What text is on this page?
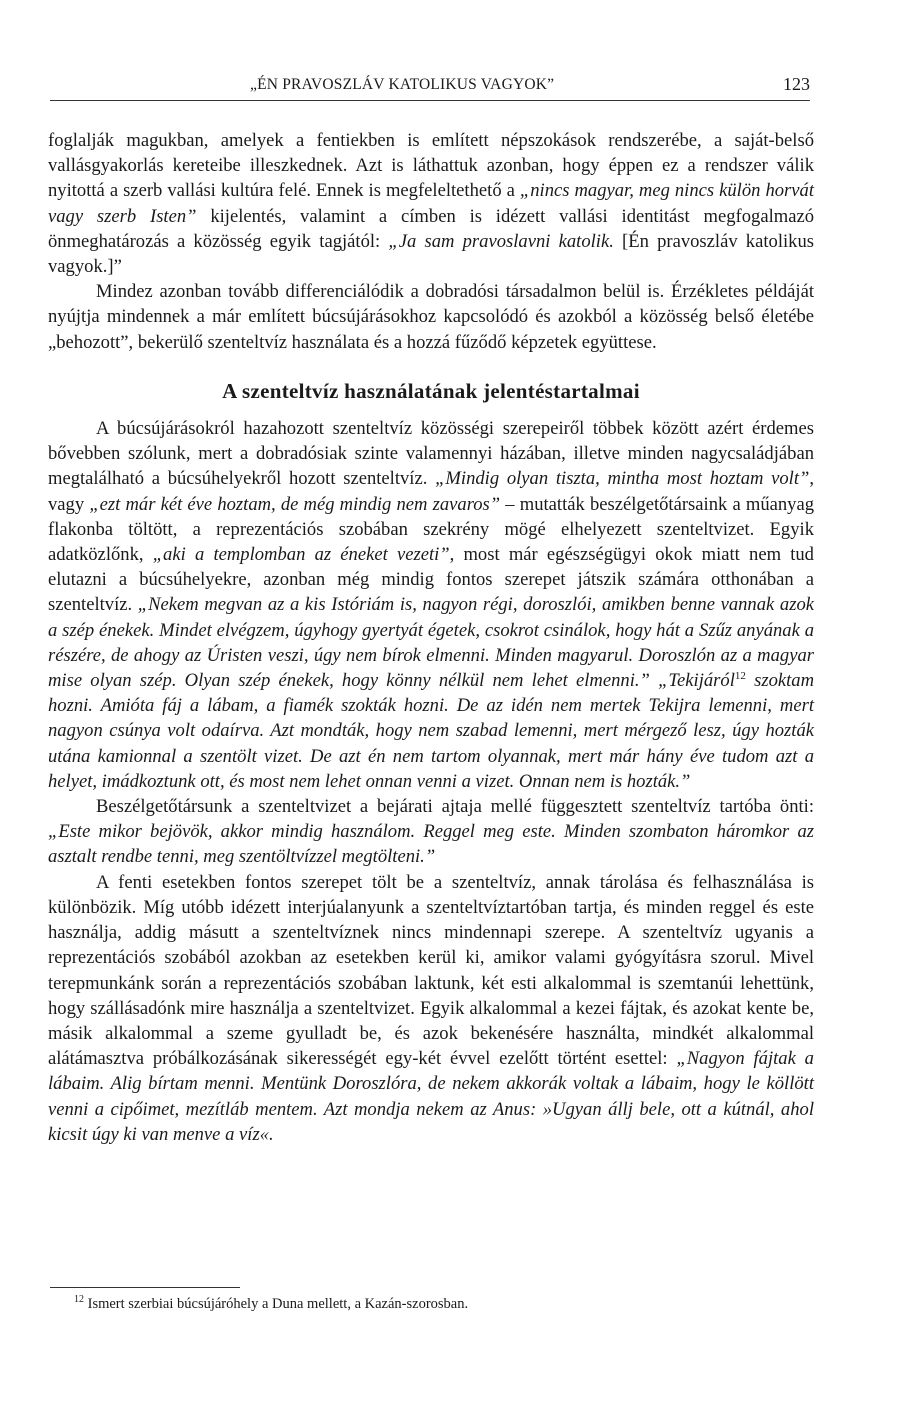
„ÉN PRAVOSZLÁV KATOLIKUS VAGYOK”	123

foglalják magukban, amelyek a fentiekben is említett népszokások rendszerébe, a saját-belső vallásgyakorlás kereteibe illeszkednek. Azt is láthattuk azonban, hogy éppen ez a rendszer válik nyitottá a szerb vallási kultúra felé. Ennek is megfeleltethető a „nincs magyar, meg nincs külön horvát vagy szerb Isten” kijelentés, valamint a címben is idézett vallási identitást megfogalmazó önmeghatározás a közösség egyik tagjától: „Ja sam pravoslavni katolik. [Én pravoszláv katolikus vagyok.]”

Mindez azonban tovább differenciálódik a dobradósi társadalmon belül is. Érzékletes példáját nyújtja mindennek a már említett búcsújárásokhoz kapcsolódó és azokból a közösség belső életébe „behozott”, bekerülő szenteltvíz használata és a hozzá fűződő képzetek együttese.

A szenteltvíz használatának jelentéstartalmai

A búcsújárásokról hazahozott szenteltvíz közösségi szerepeiről többek között azért érdemes bővebben szólunk, mert a dobradósiak szinte valamennyi házában, illetve minden nagycsaládjában megtalálható a búcsúhelyekről hozott szenteltvíz. „Mindig olyan tiszta, mintha most hoztam volt”, vagy „ezt már két éve hoztam, de még mindig nem zavaros” – mutatták beszélgetőtársaink a műanyag flakonba töltött, a reprezentációs szobában szekrény mögé elhelyezett szenteltvizet. Egyik adatközlőnk, „aki a templomban az éneket vezeti”, most már egészségügyi okok miatt nem tud elutazni a búcsúhelyekre, azonban még mindig fontos szerepet játszik számára otthonában a szenteltvíz. „Nekem megvan az a kis Istóriám is, nagyon régi, doroszlói, amikben benne vannak azok a szép énekek. Mindet elvégzem, úgyhogy gyertyát égetek, csokrot csinálok, hogy hát a Szűz anyának a részére, de ahogy az Úristen veszi, úgy nem bírok elmenni. Minden magyarul. Doroszlón az a magyar mise olyan szép. Olyan szép énekek, hogy könny nélkül nem lehet elmenni.” „Tekijáról$^{12}$ szoktam hozni. Amióta fáj a lábam, a fiamék szokták hozni. De az idén nem mertek Tekijra lemenni, mert nagyon csúnya volt odaírva. Azt mondták, hogy nem szabad lemenni, mert mérgező lesz, úgy hozták utána kamionnal a szentölt vizet. De azt én nem tartom olyannak, mert már hány éve tudom azt a helyet, imádkoztunk ott, és most nem lehet onnan venni a vizet. Onnan nem is hozták.”

Beszélgetőtársunk a szenteltvizet a bejárati ajtaja mellé függesztett szenteltvíz tartóba önti: „Este mikor bejövök, akkor mindig használom. Reggel meg este. Minden szombaton háromkor az asztalt rendbe tenni, meg szentöltvízzel megtölteni.”

A fenti esetekben fontos szerepet tölt be a szenteltvíz, annak tárolása és felhasználása is különbözik. Míg utóbb idézett interjúalanyunk a szenteltvíztartóban tartja, és minden reggel és este használja, addig másutt a szenteltvíznek nincs mindennapi szerepe. A szenteltvíz ugyanis a reprezentációs szobából azokban az esetekben kerül ki, amikor valami gyógyításra szorul. Mivel terepmunkánk során a reprezentációs szobában laktunk, két esti alkalommal is szemtanúi lehettünk, hogy szállásadónk mire használja a szenteltvizet. Egyik alkalommal a kezei fájtak, és azokat kente be, másik alkalommal a szeme gyulladt be, és azok bekenésére használta, mindkét alkalommal alátámasztva próbálkozásának sikerességét egy-két évvel ezelőtt történt esettel: „Nagyon fájtak a lábaim. Alig bírtam menni. Mentünk Doroszlóra, de nekem akkorák voltak a lábaim, hogy le köllött venni a cipőimet, mezítláb mentem. Azt mondja nekem az Anus: »Ugyan állj bele, ott a kútnál, ahol kicsit úgy ki van menve a víz«.

$^{12}$ Ismert szerbiai búcsújáróhely a Duna mellett, a Kazán-szorosban.
